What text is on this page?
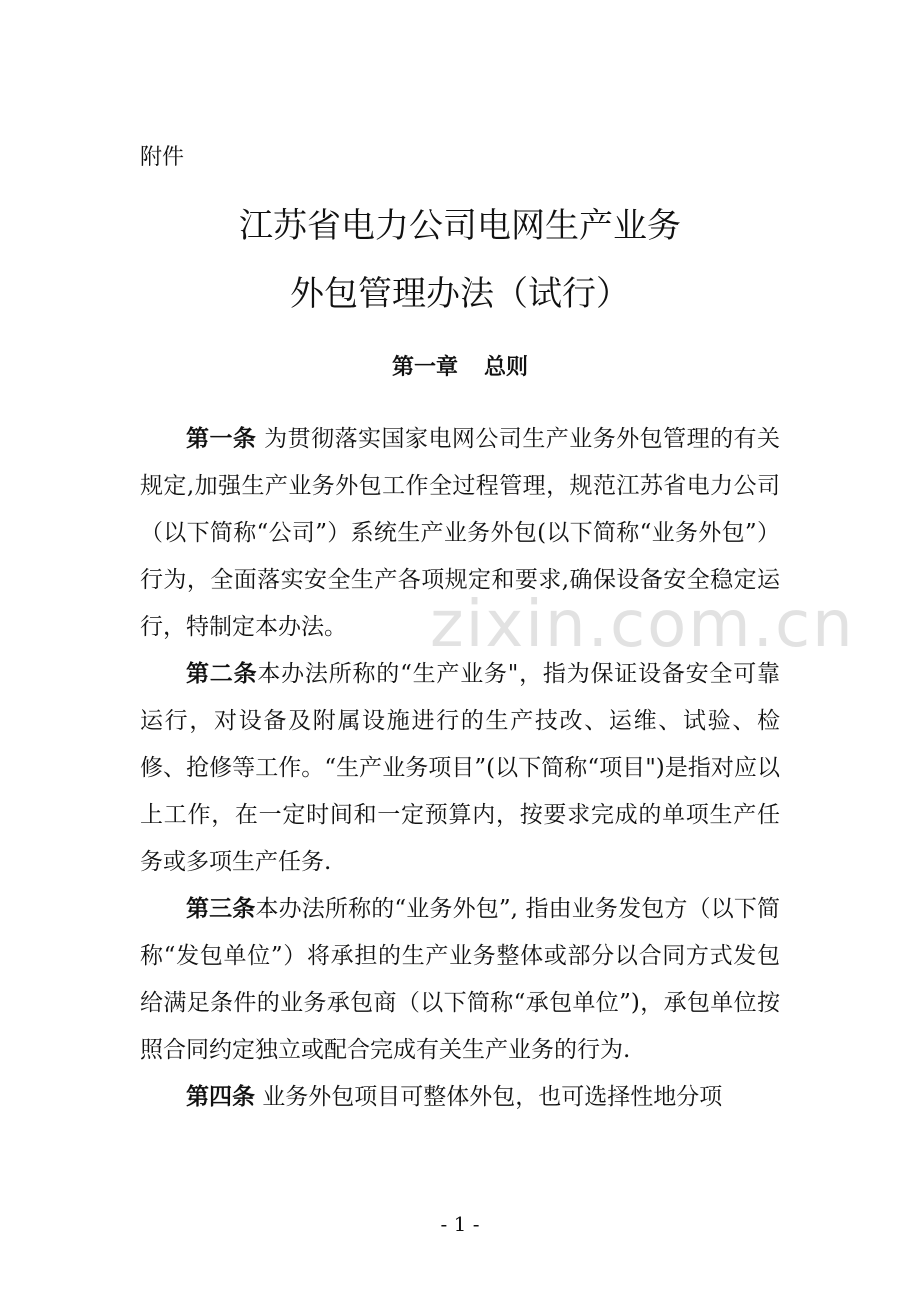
附件
江苏省电力公司电网生产业务
外包管理办法（试行）
第一章 总则

第一条 为贯彻落实国家电网公司生产业务外包管理的有关规定,加强生产业务外包工作全过程管理，规范江苏省电力公司（以下简称“公司”）系统生产业务外包(以下简称“业务外包”）行为，全面落实安全生产各项规定和要求,确保设备安全稳定运行，特制定本办法。

第二条本办法所称的“生产业务"，指为保证设备安全可靠运行，对设备及附属设施进行的生产技改、运维、试验、检修、抢修等工作。“生产业务项目”(以下简称“项目")是指对应以上工作，在一定时间和一定预算内，按要求完成的单项生产任务或多项生产任务.

第三条本办法所称的“业务外包”, 指由业务发包方（以下简称“发包单位”）将承担的生产业务整体或部分以合同方式发包给满足条件的业务承包商（以下简称“承包单位”)，承包单位按照合同约定独立或配合完成有关生产业务的行为.

第四条 业务外包项目可整体外包，也可选择性地分项

zixin.com.cn
- 1 -
